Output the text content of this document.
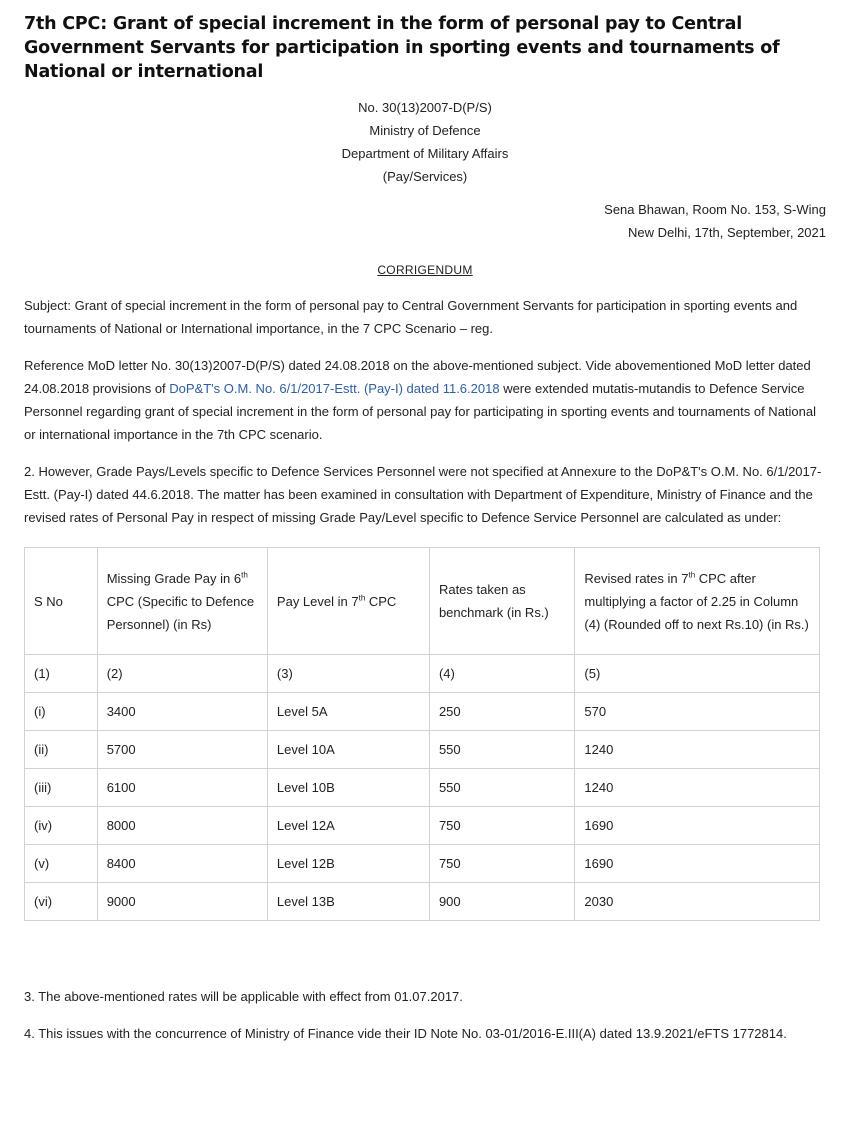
7th CPC: Grant of special increment in the form of personal pay to Central Government Servants for participation in sporting events and tournaments of National or international
No. 30(13)2007-D(P/S)
Ministry of Defence
Department of Military Affairs
(Pay/Services)
Sena Bhawan, Room No. 153, S-Wing
New Delhi, 17th, September, 2021
CORRIGENDUM

Subject: Grant of special increment in the form of personal pay to Central Government Servants for participation in sporting events and tournaments of National or International importance, in the 7 CPC Scenario – reg.

Reference MoD letter No. 30(13)2007-D(P/S) dated 24.08.2018 on the above-mentioned subject. Vide abovementioned MoD letter dated 24.08.2018 provisions of DoP&T's O.M. No. 6/1/2017-Estt. (Pay-I) dated 11.6.2018 were extended mutatis-mutandis to Defence Service Personnel regarding grant of special increment in the form of personal pay for participating in sporting events and tournaments of National or international importance in the 7th CPC scenario.

2. However, Grade Pays/Levels specific to Defence Services Personnel were not specified at Annexure to the DoP&T's O.M. No. 6/1/2017-Estt. (Pay-I) dated 44.6.2018. The matter has been examined in consultation with Department of Expenditure, Ministry of Finance and the revised rates of Personal Pay in respect of missing Grade Pay/Level specific to Defence Service Personnel are calculated as under:

S No	Missing Grade Pay in 6th CPC (Specific to Defence Personnel) (in Rs)	Pay Level in 7th CPC	Rates taken as benchmark (in Rs.)	Revised rates in 7th CPC after multiplying a factor of 2.25 in Column (4) (Rounded off to next Rs.10) (in Rs.)
(1)	(2)	(3)	(4)	(5)
(i)	3400	Level 5A	250	570
(ii)	5700	Level 10A	550	1240
(iii)	6100	Level 10B	550	1240
(iv)	8000	Level 12A	750	1690
(v)	8400	Level 12B	750	1690
(vi)	9000	Level 13B	900	2030

3. The above-mentioned rates will be applicable with effect from 01.07.2017.

4. This issues with the concurrence of Ministry of Finance vide their ID Note No. 03-01/2016-E.III(A) dated 13.9.2021/eFTS 1772814.
